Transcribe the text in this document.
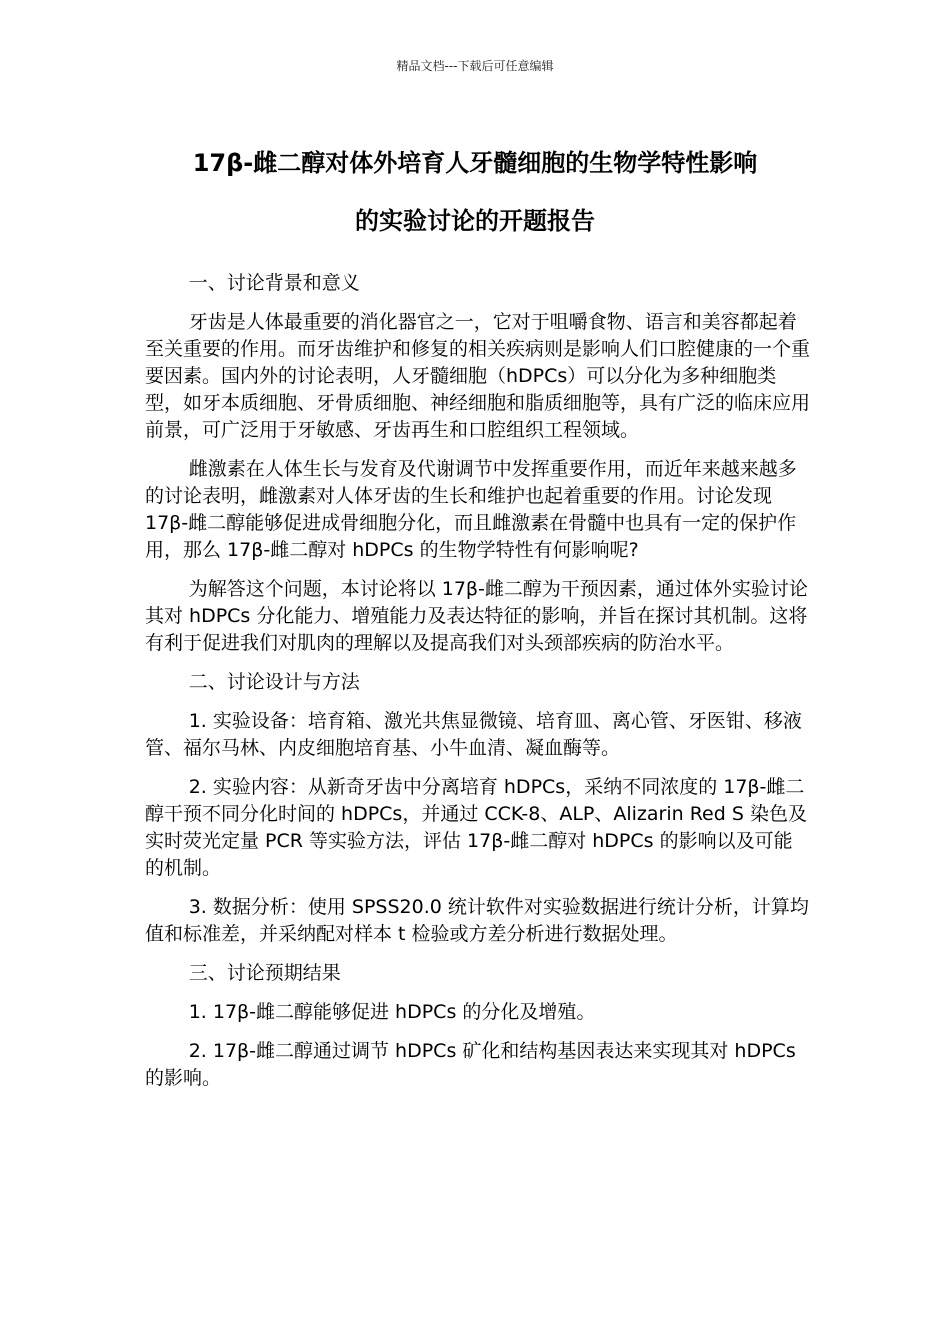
精品文档---下载后可任意编辑
17β-雌二醇对体外培育人牙髓细胞的生物学特性影响
的实验讨论的开题报告

一、讨论背景和意义

牙齿是人体最重要的消化器官之一，它对于咀嚼食物、语言和美容都起着至关重要的作用。而牙齿维护和修复的相关疾病则是影响人们口腔健康的一个重要因素。国内外的讨论表明，人牙髓细胞（hDPCs）可以分化为多种细胞类型，如牙本质细胞、牙骨质细胞、神经细胞和脂质细胞等，具有广泛的临床应用前景，可广泛用于牙敏感、牙齿再生和口腔组织工程领域。

雌激素在人体生长与发育及代谢调节中发挥重要作用，而近年来越来越多的讨论表明，雌激素对人体牙齿的生长和维护也起着重要的作用。讨论发现 17β-雌二醇能够促进成骨细胞分化，而且雌激素在骨髓中也具有一定的保护作用，那么 17β-雌二醇对 hDPCs 的生物学特性有何影响呢?

为解答这个问题，本讨论将以 17β-雌二醇为干预因素，通过体外实验讨论其对 hDPCs 分化能力、增殖能力及表达特征的影响，并旨在探讨其机制。这将有利于促进我们对肌肉的理解以及提高我们对头颈部疾病的防治水平。

二、讨论设计与方法

1. 实验设备：培育箱、激光共焦显微镜、培育皿、离心管、牙医钳、移液管、福尔马林、内皮细胞培育基、小牛血清、凝血酶等。

2. 实验内容：从新奇牙齿中分离培育 hDPCs，采纳不同浓度的 17β-雌二醇干预不同分化时间的 hDPCs，并通过 CCK-8、ALP、Alizarin Red S 染色及实时荧光定量 PCR 等实验方法，评估 17β-雌二醇对 hDPCs 的影响以及可能的机制。

3. 数据分析：使用 SPSS20.0 统计软件对实验数据进行统计分析，计算均值和标准差，并采纳配对样本 t 检验或方差分析进行数据处理。

三、讨论预期结果

1. 17β-雌二醇能够促进 hDPCs 的分化及增殖。

2. 17β-雌二醇通过调节 hDPCs 矿化和结构基因表达来实现其对 hDPCs 的影响。
